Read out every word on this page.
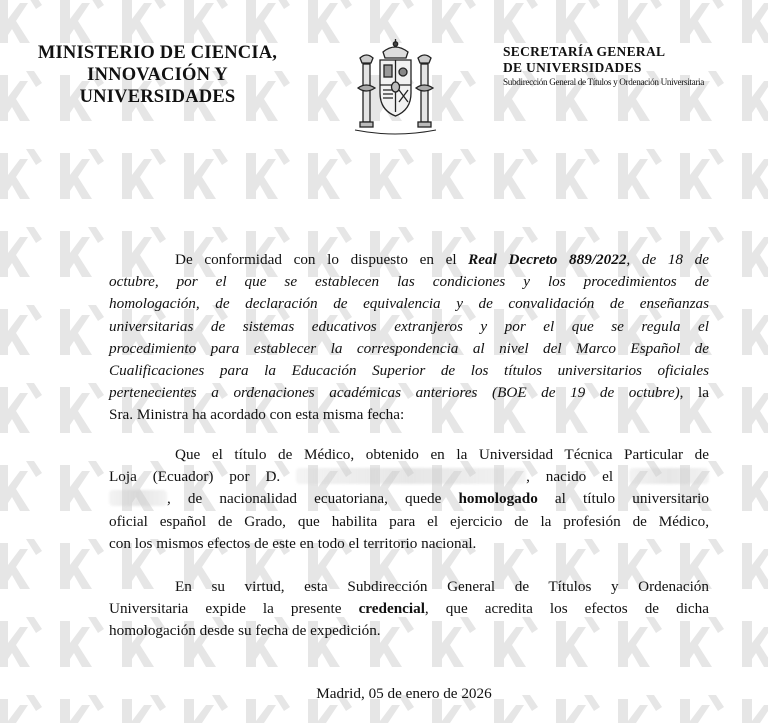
MINISTERIO DE CIENCIA,
INNOVACIÓN Y
UNIVERSIDADES
SECRETARÍA GENERAL
DE UNIVERSIDADES
Subdirección General de Títulos y Ordenación Universitaria
De conformidad con lo dispuesto en el Real Decreto 889/2022, de 18 de
octubre, por el que se establecen las condiciones y los procedimientos de
homologación, de declaración de equivalencia y de convalidación de enseñanzas
universitarias de sistemas educativos extranjeros y por el que se regula el
procedimiento para establecer la correspondencia al nivel del Marco Español de
Cualificaciones para la Educación Superior de los títulos universitarios oficiales
pertenecientes a ordenaciones académicas anteriores (BOE de 19 de octubre), la
Sra. Ministra ha acordado con esta misma fecha:
Que el título de Médico, obtenido en la Universidad Técnica Particular de
Loja (Ecuador) por D.	, nacido el
, de nacionalidad ecuatoriana, quede homologado al título universitario
oficial español de Grado, que habilita para el ejercicio de la profesión de Médico,
con los mismos efectos de este en todo el territorio nacional.
En su virtud, esta Subdirección General de Títulos y Ordenación
Universitaria expide la presente credencial, que acredita los efectos de dicha
homologación desde su fecha de expedición.
Madrid, 05 de enero de 2026
